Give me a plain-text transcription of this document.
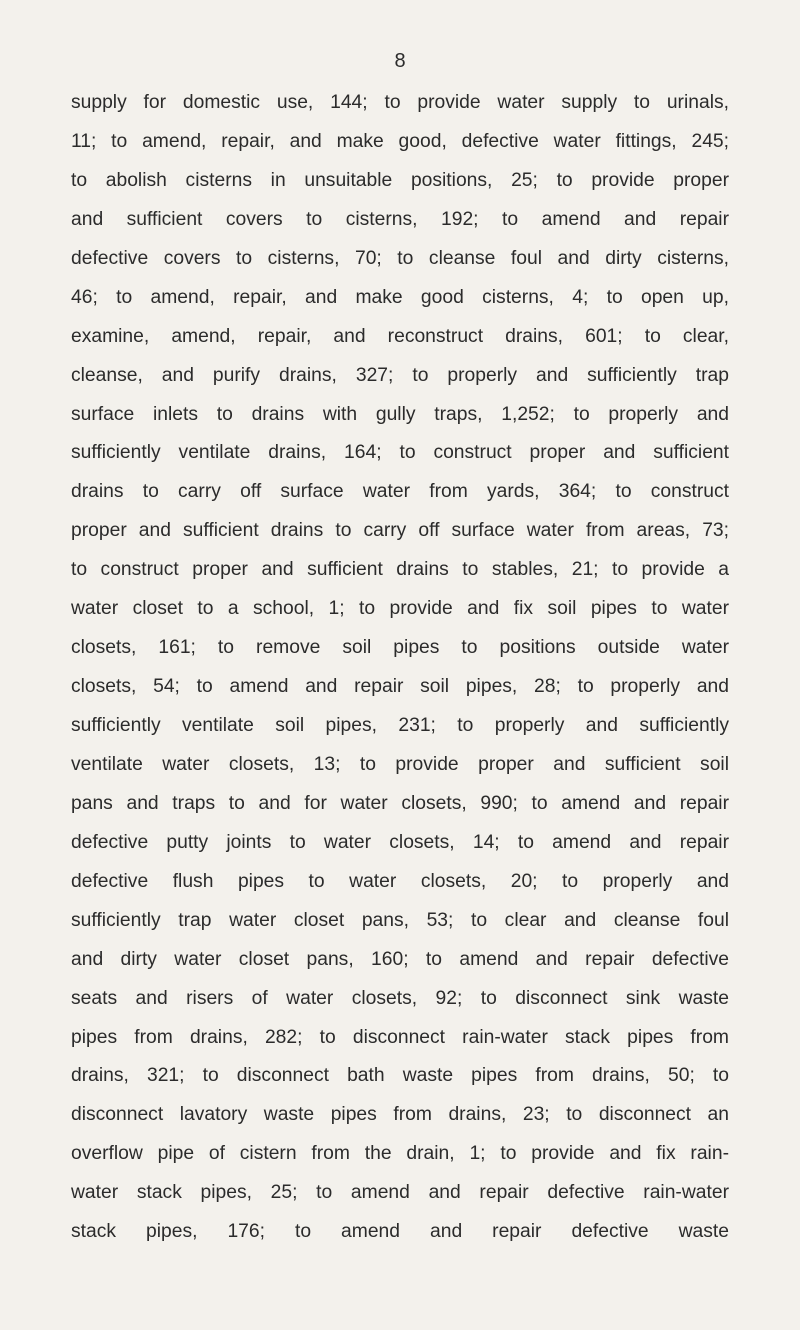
8
supply for domestic use, 144; to provide water supply to urinals,
11; to amend, repair, and make good, defective water fittings, 245;
to abolish cisterns in unsuitable positions, 25; to provide proper
and sufficient covers to cisterns, 192; to amend and repair
defective covers to cisterns, 70; to cleanse foul and dirty cisterns,
46; to amend, repair, and make good cisterns, 4; to open up,
examine, amend, repair, and reconstruct drains, 601; to clear,
cleanse, and purify drains, 327; to properly and sufficiently trap
surface inlets to drains with gully traps, 1,252; to properly and
sufficiently ventilate drains, 164; to construct proper and sufficient
drains to carry off surface water from yards, 364; to construct
proper and sufficient drains to carry off surface water from areas, 73;
to construct proper and sufficient drains to stables, 21; to provide a
water closet to a school, 1; to provide and fix soil pipes to water
closets, 161; to remove soil pipes to positions outside water
closets, 54; to amend and repair soil pipes, 28; to properly and
sufficiently ventilate soil pipes, 231; to properly and sufficiently
ventilate water closets, 13; to provide proper and sufficient soil
pans and traps to and for water closets, 990; to amend and repair
defective putty joints to water closets, 14; to amend and repair
defective flush pipes to water closets, 20; to properly and
sufficiently trap water closet pans, 53; to clear and cleanse foul
and dirty water closet pans, 160; to amend and repair defective
seats and risers of water closets, 92; to disconnect sink waste
pipes from drains, 282; to disconnect rain-water stack pipes from
drains, 321; to disconnect bath waste pipes from drains, 50; to
disconnect lavatory waste pipes from drains, 23; to disconnect an
overflow pipe of cistern from the drain, 1; to provide and fix rain-
water stack pipes, 25; to amend and repair defective rain-water
stack pipes, 176; to amend and repair defective waste
